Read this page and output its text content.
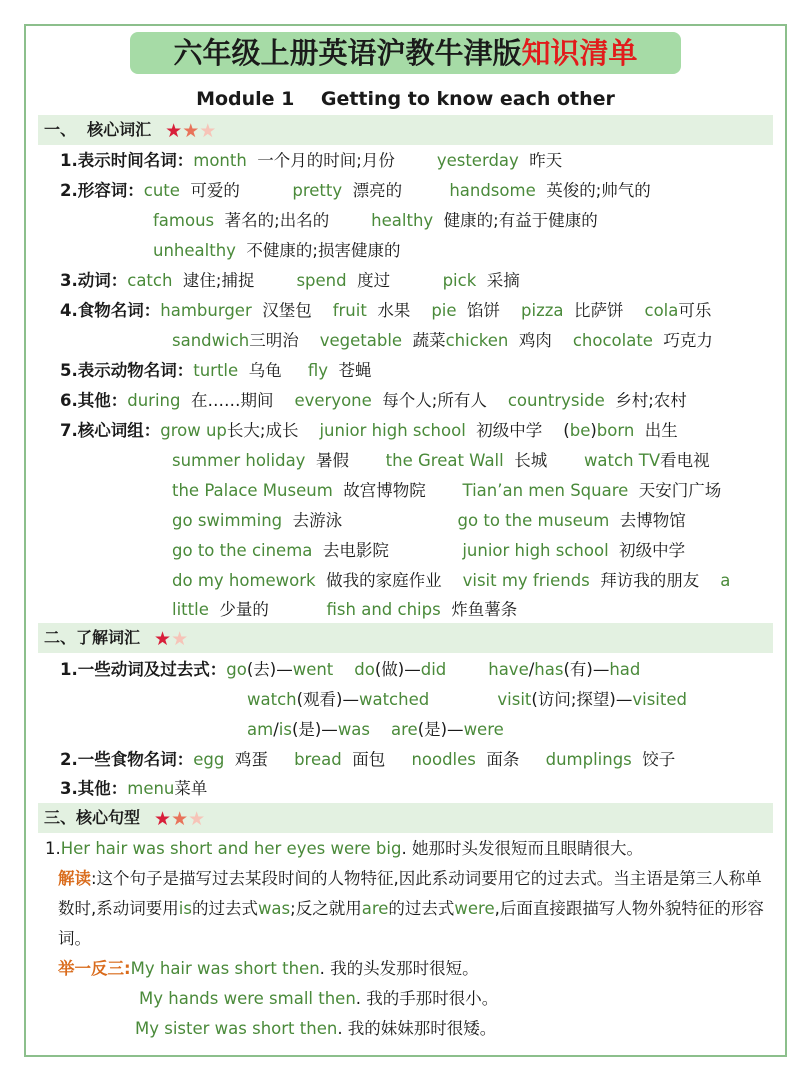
六年级上册英语沪教牛津版知识清单
Module 1    Getting to know each other
一、  核心词汇 ★★★
二、了解词汇 ★★
三、核心句型 ★★★
1.表示时间名词：month  一个月的时间;月份        yesterday  昨天
2.形容词：cute  可爱的          pretty  漂亮的         handsome  英俊的;帅气的
famous  著名的;出名的        healthy  健康的;有益于健康的
unhealthy  不健康的;损害健康的
3.动词：catch  逮住;捕捉        spend  度过          pick  采摘
4.食物名词：hamburger  汉堡包    fruit  水果    pie  馅饼    pizza  比萨饼    cola可乐
sandwich三明治    vegetable  蔬菜chicken  鸡肉    chocolate  巧克力
5.表示动物名词：turtle  乌龟     fly  苍蝇
6.其他：during  在……期间    everyone  每个人;所有人    countryside  乡村;农村
7.核心词组：grow up长大;成长    junior high school  初级中学    (be)born  出生
summer holiday  暑假       the Great Wall  长城       watch TV看电视
the Palace Museum  故宫博物院       Tian’an men Square  天安门广场
go swimming  去游泳                      go to the museum  去博物馆
go to the cinema  去电影院              junior high school  初级中学
do my homework  做我的家庭作业    visit my friends  拜访我的朋友    a
little  少量的           fish and chips  炸鱼薯条
1.一些动词及过去式：go(去)—went do(做)—did	have/has(有)—had
watch(观看)—watched	visit(访问;探望)—visited
am/is(是)—was are(是)—were
2.一些食物名词：egg  鸡蛋     bread  面包     noodles  面条     dumplings  饺子
3.其他：menu菜单
1.Her hair was short and her eyes were big. 她那时头发很短而且眼睛很大。
解读:这个句子是描写过去某段时间的人物特征,因此系动词要用它的过去式。当主语是第三人称单数时,系动词要用is的过去式was;反之就用are的过去式were,后面直接跟描写人物外貌特征的形容词。
举一反三:My hair was short then. 我的头发那时很短。
My hands were small then. 我的手那时很小。
My sister was short then. 我的妹妹那时很矮。
